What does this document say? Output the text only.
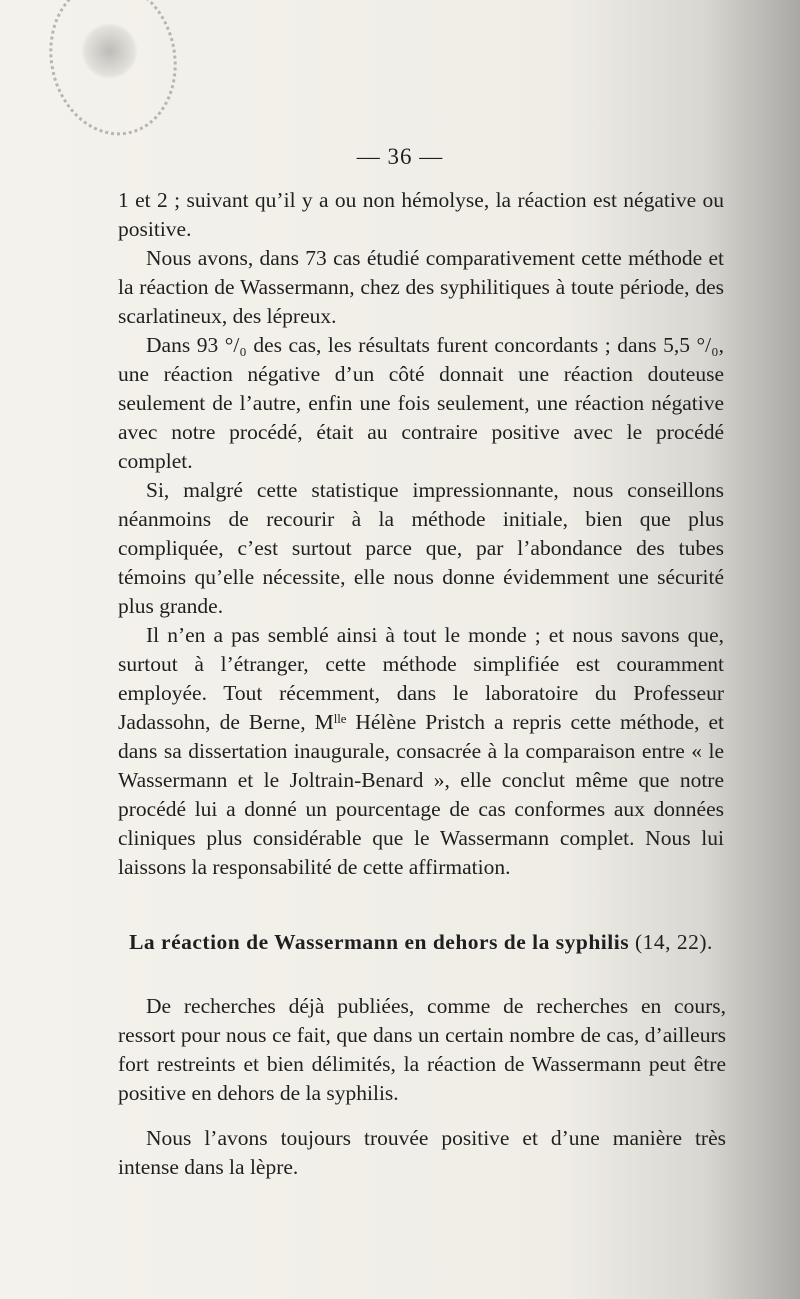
— 36 —

1 et 2 ; suivant qu’il y a ou non hémolyse, la réaction est négative ou positive.

Nous avons, dans 73 cas étudié comparativement cette méthode et la réaction de Wassermann, chez des syphilitiques à toute période, des scarlatineux, des lépreux.

Dans 93 °/₀ des cas, les résultats furent concordants ; dans 5,5 °/₀, une réaction négative d’un côté donnait une réaction douteuse seulement de l’autre, enfin une fois seulement, une réaction négative avec notre procédé, était au contraire positive avec le procédé complet.

Si, malgré cette statistique impressionnante, nous conseillons néanmoins de recourir à la méthode initiale, bien que plus compliquée, c’est surtout parce que, par l’abondance des tubes témoins qu’elle nécessite, elle nous donne évidemment une sécurité plus grande.

Il n’en a pas semblé ainsi à tout le monde ; et nous savons que, surtout à l’étranger, cette méthode simplifiée est couramment employée. Tout récemment, dans le laboratoire du Professeur Jadassohn, de Berne, Mˡˡᵉ Hélène Pristch a repris cette méthode, et dans sa dissertation inaugurale, consacrée à la comparaison entre « le Wassermann et le Joltrain-Benard », elle conclut même que notre procédé lui a donné un pourcentage de cas conformes aux données cliniques plus considérable que le Wassermann complet. Nous lui laissons la responsabilité de cette affirmation.

La réaction de Wassermann en dehors de la syphilis (14, 22).

De recherches déjà publiées, comme de recherches en cours, ressort pour nous ce fait, que dans un certain nombre de cas, d’ailleurs fort restreints et bien délimités, la réaction de Wassermann peut être positive en dehors de la syphilis.

Nous l’avons toujours trouvée positive et d’une manière très intense dans la lèpre.
